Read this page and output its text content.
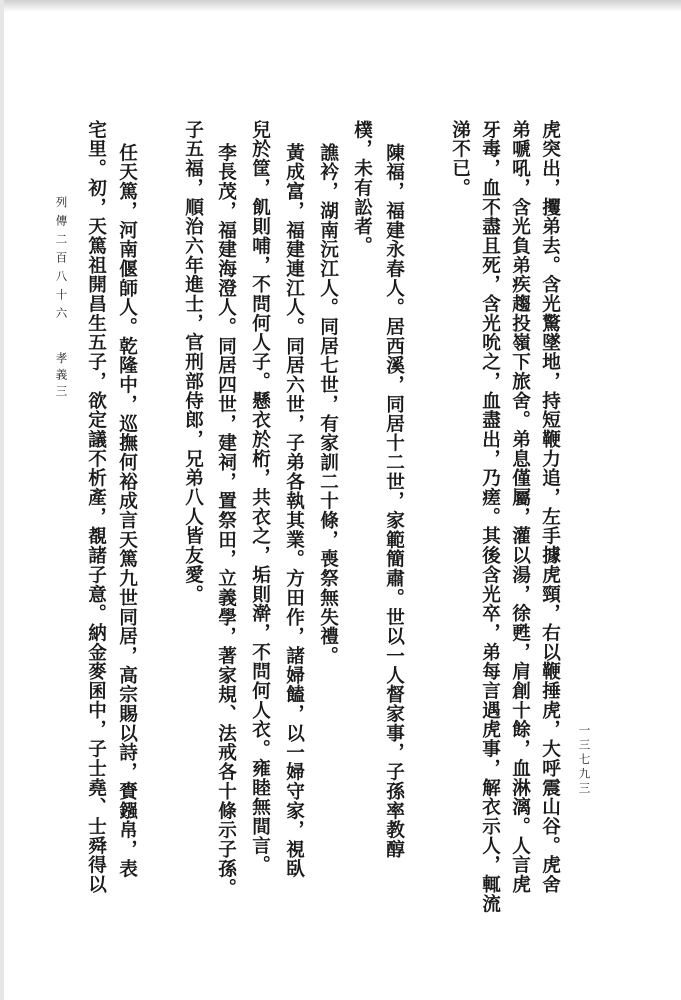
虎突出，攫弟去。含光驚墜地，持短鞭力追，左手據虎頸，右以鞭捶虎，大呼震山谷。虎舍
弟嗁吼，含光負弟疾趨投嶺下旅舍。弟息僅屬，灌以湯，徐甦，肩創十餘，血淋漓。人言虎
牙毒，血不盡且死，含光吮之，血盡出，乃瘥。其後含光卒，弟每言遇虎事，解衣示人，輒流
涕不已。
陳福，福建永春人。居西溪，同居十二世，家範簡肅。世以一人督家事，子孫率教醇
樸，未有訟者。
譙衿，湖南沅江人。同居七世，有家訓二十條，喪祭無失禮。
黃成富，福建連江人。同居六世，子弟各執其業。方田作，諸婦饁，以一婦守家，視臥
兒於筐，飢則哺，不問何人子。懸衣於桁，共衣之，垢則澣，不問何人衣。雍睦無間言。
李長茂，福建海澄人。同居四世，建祠，置祭田，立義學，著家規、法戒各十條示子孫。
子五福，順治六年進士，官刑部侍郎，兄弟八人皆友愛。
任天篤，河南偃師人。乾隆中，巡撫何裕成言天篤九世同居，高宗賜以詩，賚鏹帛，表
宅里。初，天篤祖開昌生五子，欲定議不析產，覩諸子意。納金麥囷中，子士堯、士舜得以
列傳二百八十六
孝義三
一三七九三
